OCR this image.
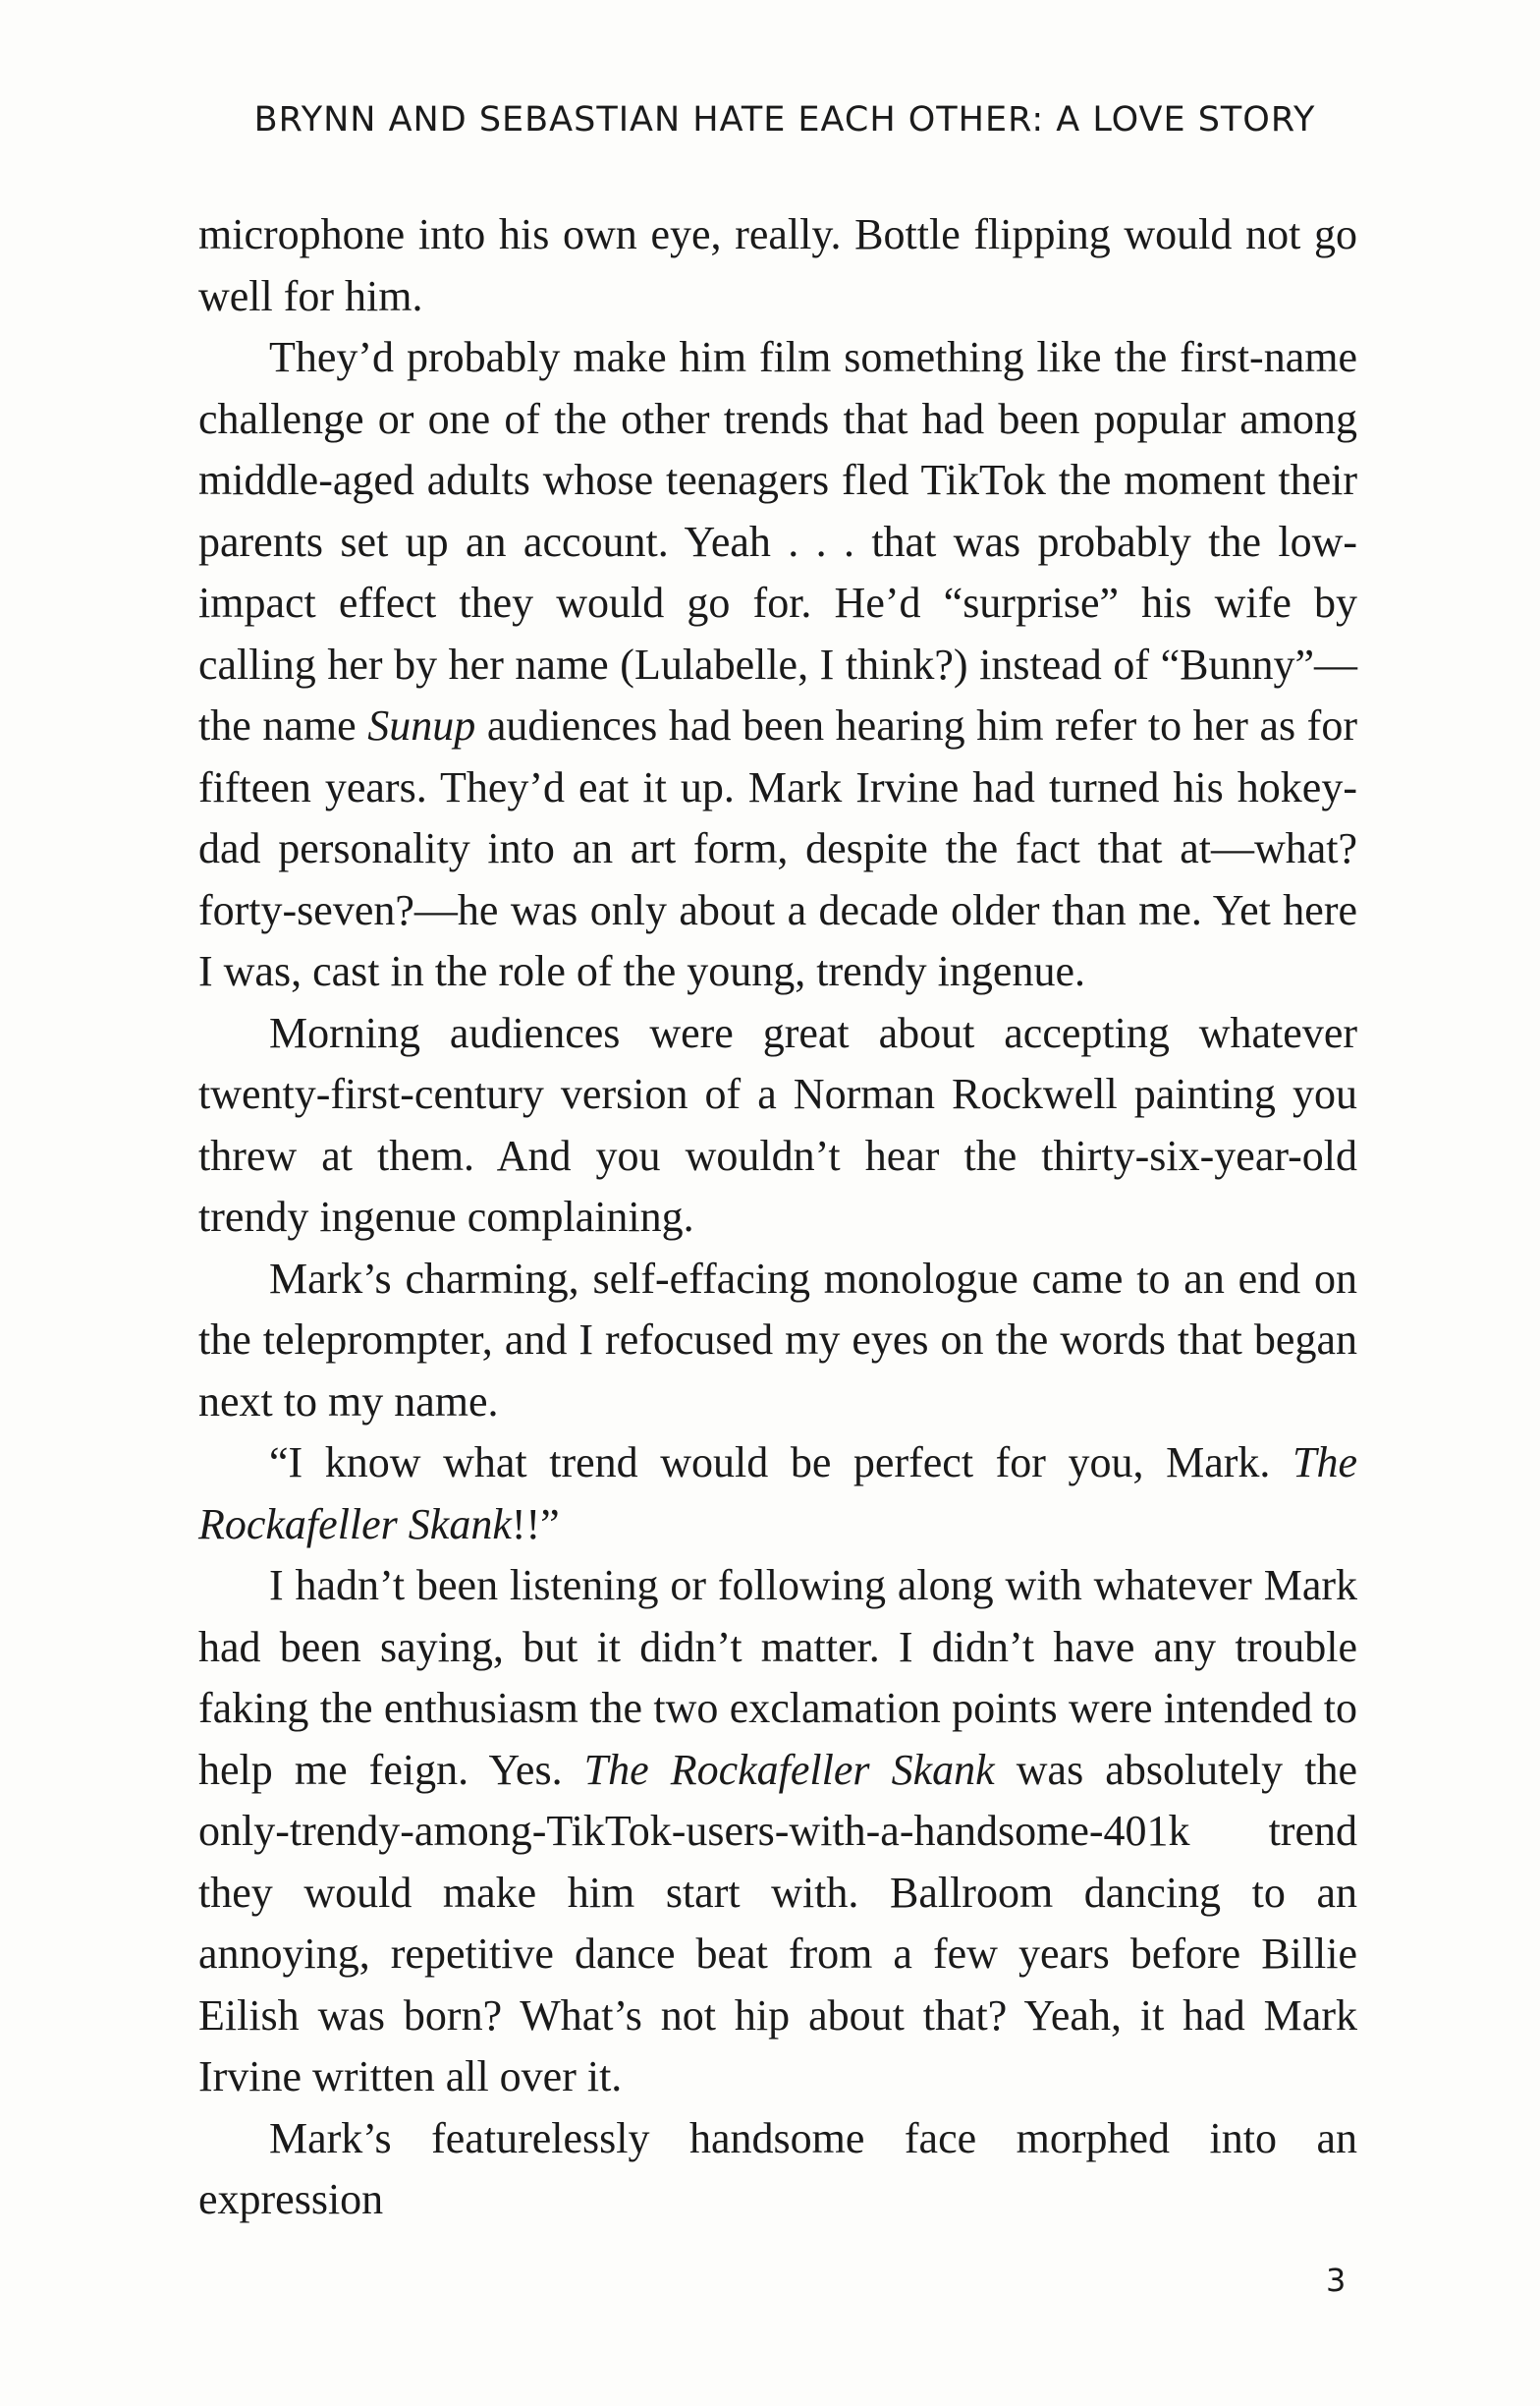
BRYNN AND SEBASTIAN HATE EACH OTHER: A LOVE STORY

microphone into his own eye, really. Bottle flipping would not go well for him.

They’d probably make him film something like the first-name challenge or one of the other trends that had been popular among middle-aged adults whose teenagers fled TikTok the moment their parents set up an account. Yeah . . . that was probably the low-impact effect they would go for. He’d “surprise” his wife by calling her by her name (Lulabelle, I think?) instead of “Bunny”—the name Sunup audiences had been hearing him refer to her as for fifteen years. They’d eat it up. Mark Irvine had turned his hokey-dad personality into an art form, despite the fact that at—what? forty-seven?—he was only about a decade older than me. Yet here I was, cast in the role of the young, trendy ingenue.

Morning audiences were great about accepting whatever twenty-first-century version of a Norman Rockwell painting you threw at them. And you wouldn’t hear the thirty-six-year-old trendy ingenue complaining.

Mark’s charming, self-effacing monologue came to an end on the teleprompter, and I refocused my eyes on the words that began next to my name.

“I know what trend would be perfect for you, Mark. The Rockafeller Skank!!”

I hadn’t been listening or following along with whatever Mark had been saying, but it didn’t matter. I didn’t have any trouble faking the enthusiasm the two exclamation points were intended to help me feign. Yes. The Rockafeller Skank was absolutely the only-trendy-among-TikTok-users-with-a-handsome-401k trend they would make him start with. Ballroom dancing to an annoying, repetitive dance beat from a few years before Billie Eilish was born? What’s not hip about that? Yeah, it had Mark Irvine written all over it.

Mark’s featurelessly handsome face morphed into an expression

3
